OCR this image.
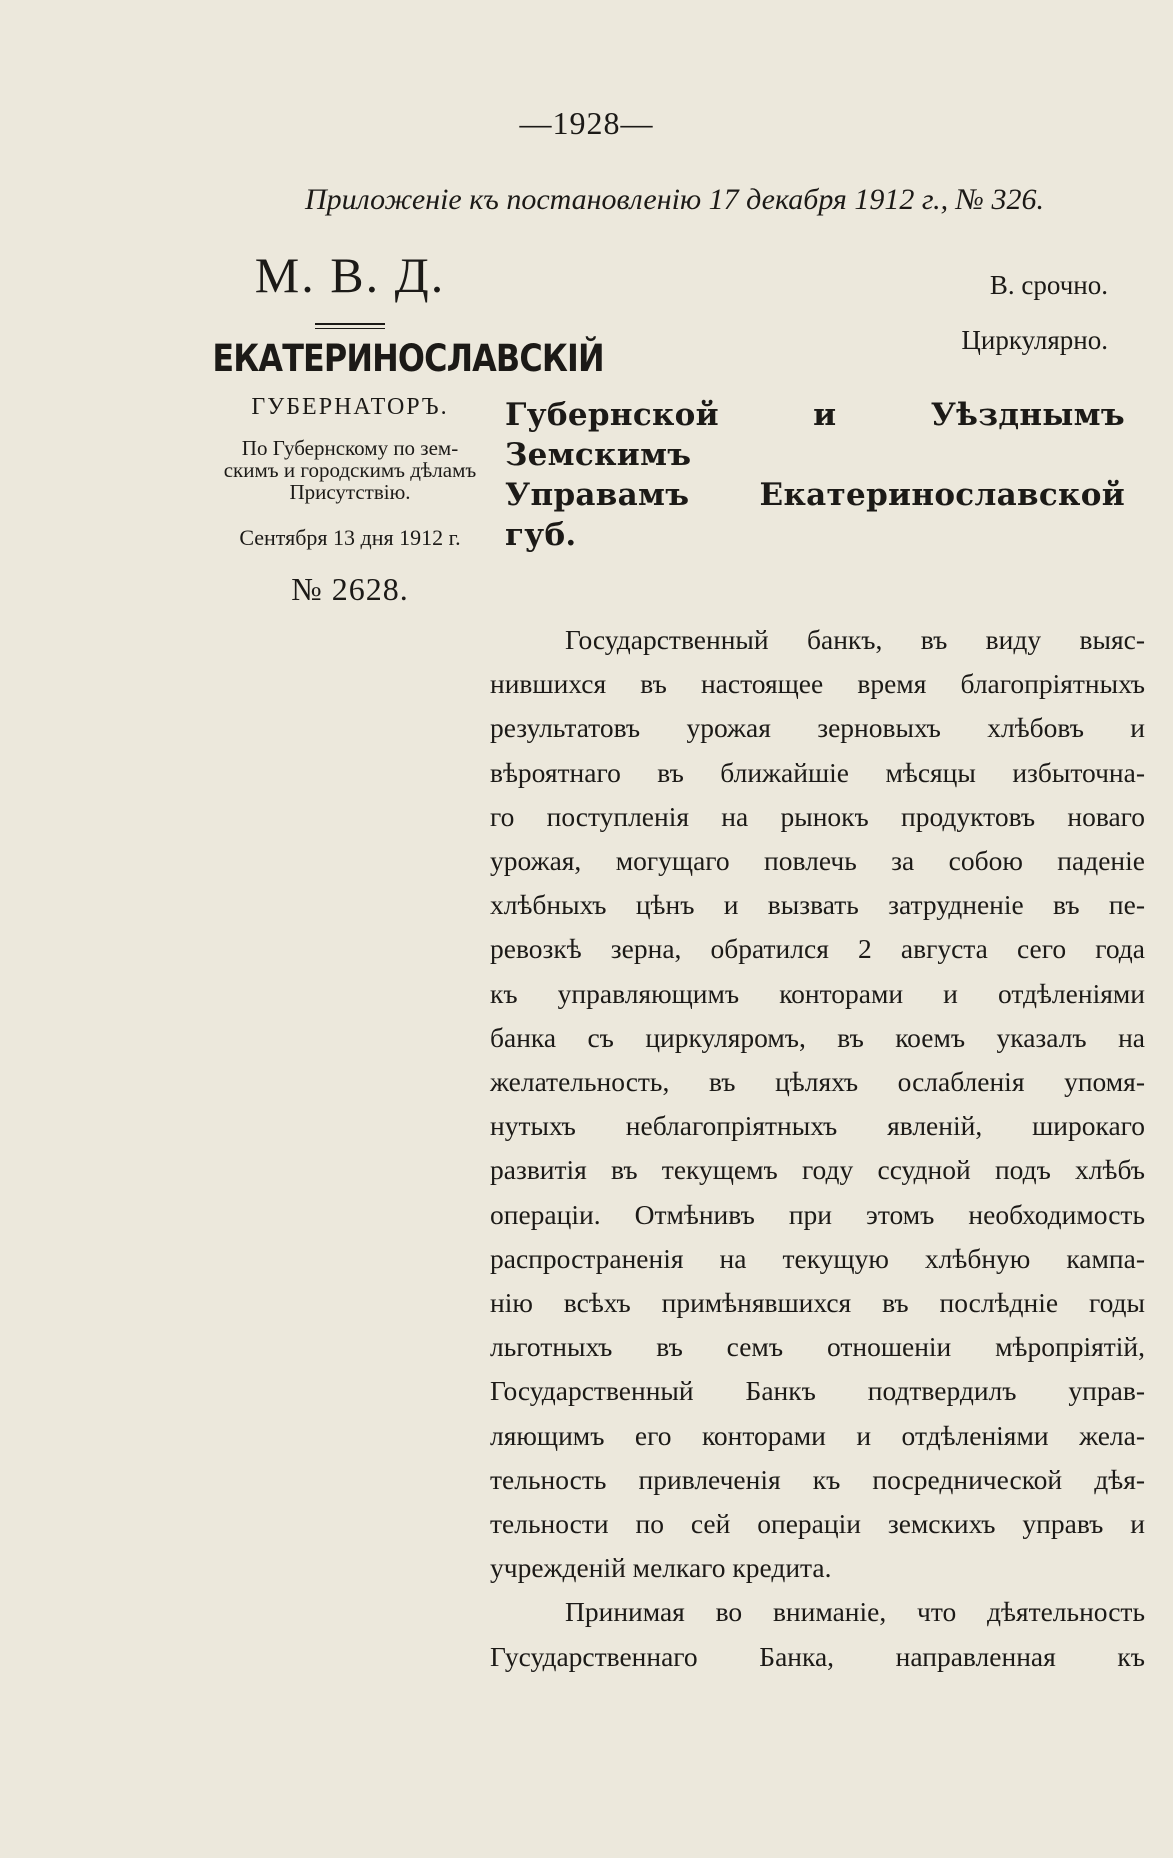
—1928—
Приложенiе къ постановленiю 17 декабря 1912 г., № 326.
М. В. Д.
ЕКАТЕРИНОСЛАВСКIЙ
ГУБЕРНАТОРЪ.
По Губернскому по зем-
скимъ и городскимъ дѣламъ
Присутствiю.
Сентября 13 дня 1912 г.
№ 2628.
В. срочно.
Циркулярно.
Губернской и Уѣзднымъ Земскимъ
Управамъ Екатеринославской губ.
Государственный банкъ, въ виду выяс-
нившихся въ настоящее время благопрiятныхъ
результатовъ урожая зерновыхъ хлѣбовъ и
вѣроятнаго въ ближайшiе мѣсяцы избыточна-
го поступленiя на рынокъ продуктовъ новаго
урожая, могущаго повлечь за собою паденiе
хлѣбныхъ цѣнъ и вызвать затрудненiе въ пе-
ревозкѣ зерна, обратился 2 августа сего года
къ управляющимъ конторами и отдѣленiями
банка съ циркуляромъ, въ коемъ указалъ на
желательность, въ цѣляхъ ослабленiя упомя-
нутыхъ неблагопрiятныхъ явленiй, широкаго
развитiя въ текущемъ году ссудной подъ хлѣбъ
операцiи. Отмѣнивъ при этомъ необходимость
распространенiя на текущую хлѣбную кампа-
нiю всѣхъ примѣнявшихся въ послѣднiе годы
льготныхъ въ семъ отношенiи мѣропрiятiй,
Государственный Банкъ подтвердилъ управ-
ляющимъ его конторами и отдѣленiями жела-
тельность привлеченiя къ посреднической дѣя-
тельности по сей операцiи земскихъ управъ и
учрежденiй мелкаго кредита.
Принимая во вниманiе, что дѣятельность
Гусударственнаго Банка, направленная къ
